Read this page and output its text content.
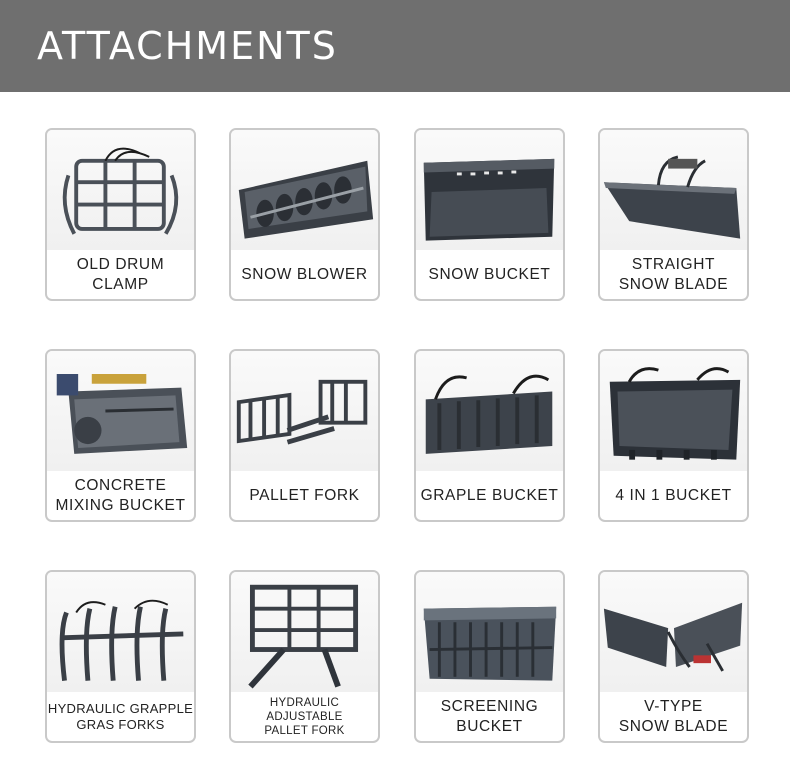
ATTACHMENTS
OLD DRUM
CLAMP
SNOW BLOWER	SNOW BUCKET
STRAIGHT
SNOW BLADE
CONCRETE
MIXING BUCKET
PALLET FORK	GRAPLE BUCKET	4 IN 1 BUCKET
HYDRAULIC GRAPPLE
GRAS FORKS
HYDRAULIC ADJUSTABLE
PALLET FORK
SCREENING
BUCKET
V-TYPE
SNOW BLADE
